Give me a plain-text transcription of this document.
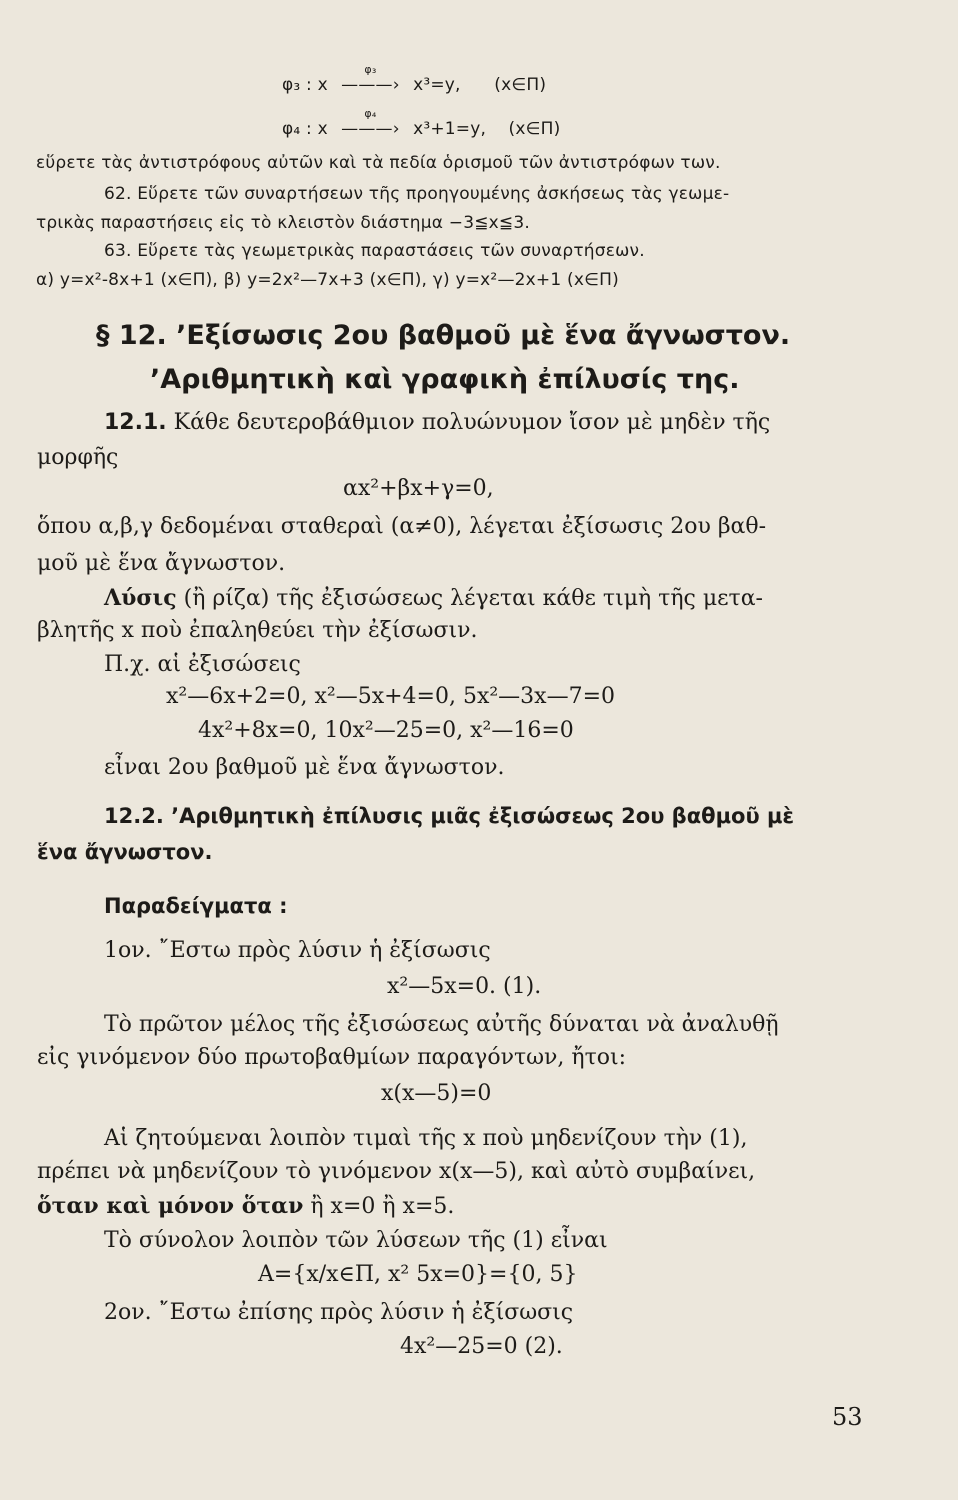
φ₃ : x
φ₃
———› x³=y, (x∈Π)
φ₄ : x
φ₄
———› x³+1=y, (x∈Π)
εὕρετε τὰς ἀντιστρόφους αὐτῶν καὶ τὰ πεδία ὁρισμοῦ τῶν ἀντιστρόφων των.
62. Εὕρετε τῶν συναρτήσεων τῆς προηγουμένης ἀσκήσεως τὰς γεωμε-
τρικὰς παραστήσεις εἰς τὸ κλειστὸν διάστημα −3≦x≦3.
63. Εὕρετε τὰς γεωμετρικὰς παραστάσεις τῶν συναρτήσεων.
α) y=x²-8x+1 (x∈Π), β) y=2x²—7x+3 (x∈Π), γ) y=x²—2x+1 (x∈Π)
§ 12. ʼΕξίσωσις 2ου βαθμοῦ μὲ ἕνα ἄγνωστον.
ʼΑριθμητικὴ καὶ γραφικὴ ἐπίλυσίς της.
12.1. Κάθε δευτεροβάθμιον πολυώνυμον ἴσον μὲ μηδὲν τῆς
μορφῆς
αx²+βx+γ=0,
ὅπου α,β,γ δεδομέναι σταθεραὶ (α≠0), λέγεται ἐξίσωσις 2ου βαθ-
μοῦ μὲ ἕνα ἄγνωστον.
Λύσις (ἢ ρίζα) τῆς ἐξισώσεως λέγεται κάθε τιμὴ τῆς μετα-
βλητῆς x ποὺ ἐπαληθεύει τὴν ἐξίσωσιν.
Π.χ. αἱ ἐξισώσεις
x²—6x+2=0, x²—5x+4=0, 5x²—3x—7=0
4x²+8x=0, 10x²—25=0, x²—16=0
εἶναι 2ου βαθμοῦ μὲ ἕνα ἄγνωστον.
12.2. ʼΑριθμητικὴ ἐπίλυσις μιᾶς ἐξισώσεως 2ου βαθμοῦ μὲ
ἕνα ἄγνωστον.
Παραδείγματα :
1ον. ῎Εστω πρὸς λύσιν ἡ ἐξίσωσις
x²—5x=0. (1).
Τὸ πρῶτον μέλος τῆς ἐξισώσεως αὐτῆς δύναται νὰ ἀναλυθῇ
εἰς γινόμενον δύο πρωτοβαθμίων παραγόντων, ἤτοι:
x(x—5)=0
Αἱ ζητούμεναι λοιπὸν τιμαὶ τῆς x ποὺ μηδενίζουν τὴν (1),
πρέπει νὰ μηδενίζουν τὸ γινόμενον x(x—5), καὶ αὐτὸ συμβαίνει,
ὅταν καὶ μόνον ὅταν ἢ x=0 ἢ x=5.
Τὸ σύνολον λοιπὸν τῶν λύσεων τῆς (1) εἶναι
A={x/x∈Π, x² 5x=0}={0, 5}
2ον. ῎Εστω ἐπίσης πρὸς λύσιν ἡ ἐξίσωσις
4x²—25=0 (2).
53
